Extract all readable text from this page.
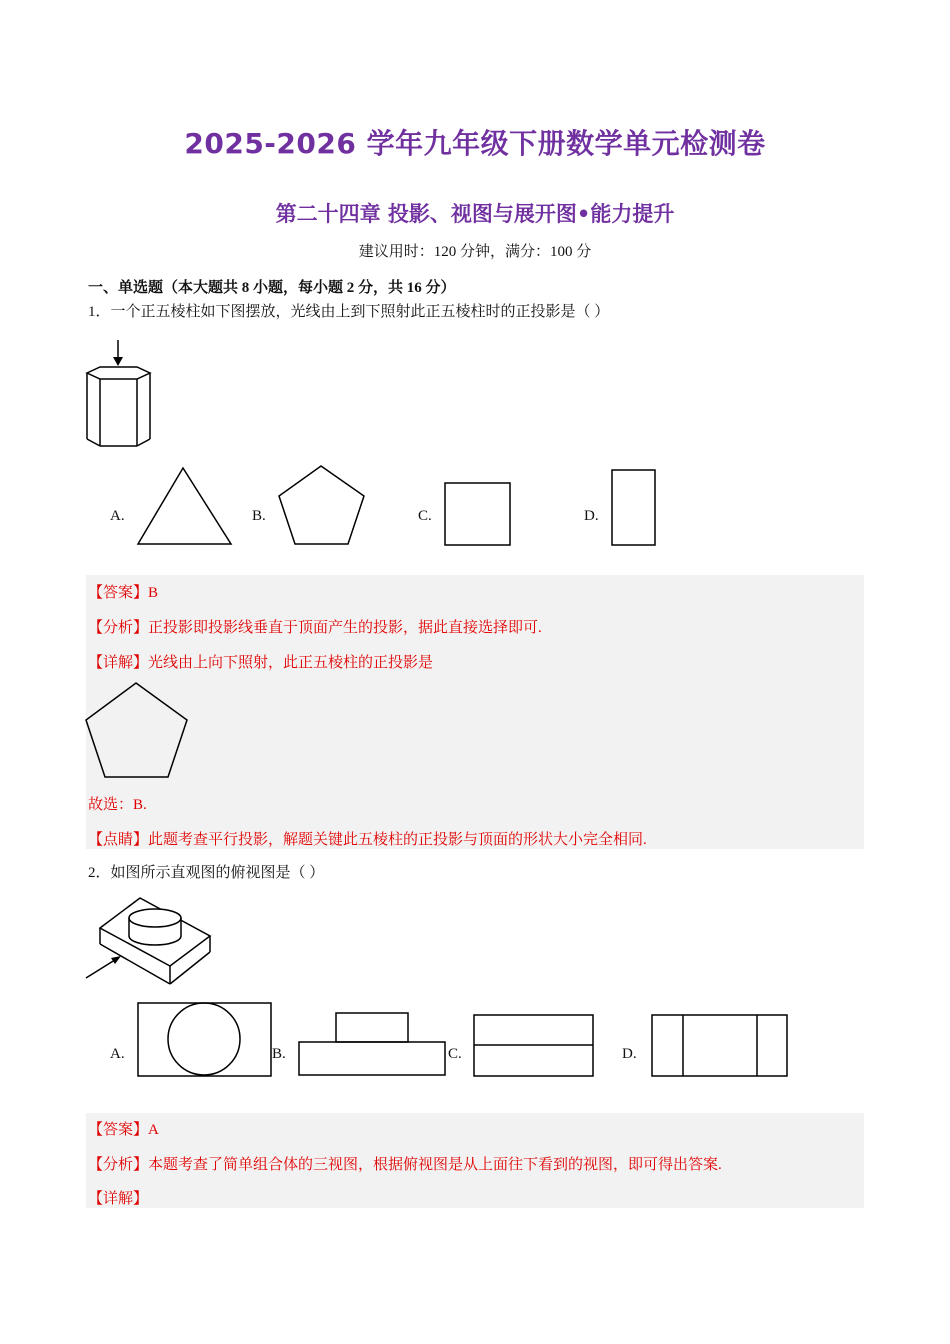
2025-2026 学年九年级下册数学单元检测卷
第二十四章 投影、视图与展开图•能力提升
建议用时：120 分钟，满分：100 分
一、单选题（本大题共 8 小题，每小题 2 分，共 16 分）
1．一个正五棱柱如下图摆放，光线由上到下照射此正五棱柱时的正投影是（ ）
A.	B.	C.	D.
【答案】B
【分析】正投影即投影线垂直于顶面产生的投影，据此直接选择即可.
【详解】光线由上向下照射，此正五棱柱的正投影是
故选：B.
【点睛】此题考查平行投影，解题关键此五棱柱的正投影与顶面的形状大小完全相同.
2．如图所示直观图的俯视图是（ ）
A.	B.	C.	D.
【答案】A
【分析】本题考查了简单组合体的三视图，根据俯视图是从上面往下看到的视图，即可得出答案.
【详解】
